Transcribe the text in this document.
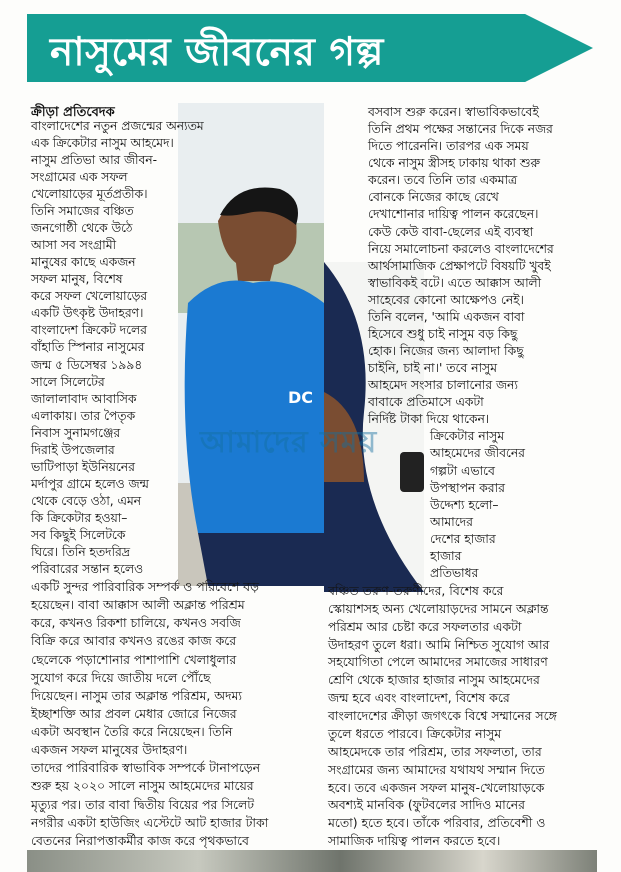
নাসুমের জীবনের গল্প
ক্রীড়া প্রতিবেদক
DC
আমাদের সময়
বাংলাদেশের নতুন প্রজন্মের অন্যতম
এক ক্রিকেটার নাসুম আহমেদ।
নাসুম প্রতিভা আর জীবন-
সংগ্রামের এক সফল
খেলোয়াড়ের মূর্তপ্রতীক।
তিনি সমাজের বঞ্চিত
জনগোষ্ঠী থেকে উঠে
আসা সব সংগ্রামী
মানুষের কাছে একজন
সফল মানুষ, বিশেষ
করে সফল খেলোয়াড়ের
একটি উৎকৃষ্ট উদাহরণ।
বাংলাদেশ ক্রিকেট দলের
বাঁহাতি স্পিনার নাসুমের
জন্ম ৫ ডিসেম্বর ১৯৯৪
সালে সিলেটের
জালালাবাদ আবাসিক
এলাকায়। তার পৈতৃক
নিবাস সুনামগঞ্জের
দিরাই উপজেলার
ভাটিপাড়া ইউনিয়নের
মর্দাপুর গ্রামে হলেও জন্ম
থেকে বেড়ে ওঠা, এমন
কি ক্রিকেটার হওয়া–
সব কিছুই সিলেটকে
ঘিরে। তিনি হতদরিদ্র
পরিবারের সন্তান হলেও
একটি সুন্দর পারিবারিক সম্পর্ক ও পরিবেশে বড়
হয়েছেন। বাবা আক্কাস আলী অক্লান্ত পরিশ্রম
করে, কখনও রিকশা চালিয়ে, কখনও সবজি
বিক্রি করে আবার কখনও রঙের কাজ করে
ছেলেকে পড়াশোনার পাশাপাশি খেলাধুলার
সুযোগ করে দিয়ে জাতীয় দলে পৌঁছে
দিয়েছেন। নাসুম তার অক্লান্ত পরিশ্রম, অদম্য
ইচ্ছাশক্তি আর প্রবল মেধার জোরে নিজের
একটা অবস্থান তৈরি করে নিয়েছেন। তিনি
একজন সফল মানুষের উদাহরণ।
তাদের পারিবারিক স্বাভাবিক সম্পর্কে টানাপড়েন
শুরু হয় ২০২০ সালে নাসুম আহমেদের মায়ের
মৃত্যুর পর। তার বাবা দ্বিতীয় বিয়ের পর সিলেট
নগরীর একটা হাউজিং এস্টেটে আট হাজার টাকা
বেতনের নিরাপত্তাকর্মীর কাজ করে পৃথকভাবে
বসবাস শুরু করেন। স্বাভাবিকভাবেই
তিনি প্রথম পক্ষের সন্তানের দিকে নজর
দিতে পারেননি। তারপর এক সময়
থেকে নাসুম স্ত্রীসহ ঢাকায় থাকা শুরু
করেন। তবে তিনি তার একমাত্র
বোনকে নিজের কাছে রেখে
দেখাশোনার দায়িত্ব পালন করেছেন।
কেউ কেউ বাবা-ছেলের এই ব্যবস্থা
নিয়ে সমালোচনা করলেও বাংলাদেশের
আর্থসামাজিক প্রেক্ষাপটে বিষয়টি খুবই
স্বাভাবিকই বটে। এতে আক্কাস আলী
সাহেবের কোনো আক্ষেপও নেই।
তিনি বলেন, 'আমি একজন বাবা
হিসেবে শুধু চাই নাসুম বড় কিছু
হোক। নিজের জন্য আলাদা কিছু
চাইনি, চাই না।' তবে নাসুম
আহমেদ সংসার চালানোর জন্য
বাবাকে প্রতিমাসে একটা
নির্দিষ্ট টাকা দিয়ে থাকেন।
ক্রিকেটার নাসুম
আহমেদের জীবনের
গল্পটা এভাবে
উপস্থাপন করার
উদ্দেশ্য হলো–
আমাদের
দেশের হাজার
হাজার
প্রতিভাধর
বঞ্চিত তরুণ-তরুণীদের, বিশেষ করে
স্কোয়াশসহ অন্য খেলোয়াড়দের সামনে অক্লান্ত
পরিশ্রম আর চেষ্টা করে সফলতার একটা
উদাহরণ তুলে ধরা। আমি নিশ্চিত সুযোগ আর
সহযোগিতা পেলে আমাদের সমাজের সাধারণ
শ্রেণি থেকে হাজার হাজার নাসুম আহমেদের
জন্ম হবে এবং বাংলাদেশ, বিশেষ করে
বাংলাদেশের ক্রীড়া জগৎকে বিশ্বে সম্মানের সঙ্গে
তুলে ধরতে পারবে। ক্রিকেটার নাসুম
আহমেদকে তার পরিশ্রম, তার সফলতা, তার
সংগ্রামের জন্য আমাদের যথাযথ সম্মান দিতে
হবে। তবে একজন সফল মানুষ-খেলোয়াড়কে
অবশ্যই মানবিক (ফুটবলের সাদিও মানের
মতো) হতে হবে। তাঁকে পরিবার, প্রতিবেশী ও
সামাজিক দায়িত্ব পালন করতে হবে।
